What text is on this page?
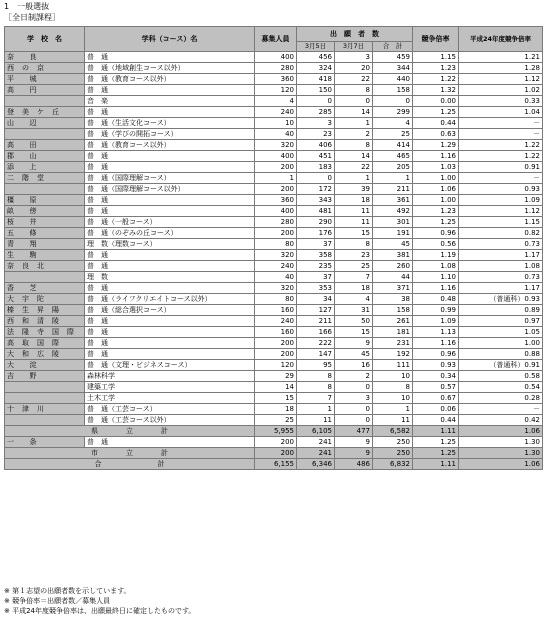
1　一般選抜
［全日制課程］
学　校　名	学科（コース）名	募集人員	出　願　者　数			競争倍率	平成24年度競争倍率
			3月5日	3月7日	合　計		
奈　　良	普　通	400	456	3	459	1.15	1.21
西　の　京	普　通（地域創生コース以外）	280	324	20	344	1.23	1.28
平　　城	普　通（教育コース以外）	360	418	22	440	1.22	1.12
高　　円	普　通	120	150	8	158	1.32	1.02
	音　楽	4	0	0	0	0.00	0.33
登　美　ケ　丘	普　通	240	285	14	299	1.25	1.04
山　　辺	普　通（生活文化コース）	10	3	1	4	0.44	－
	普　通（学びの開拓コース）	40	23	2	25	0.63	－
高　　田	普　通（教育コース以外）	320	406	8	414	1.29	1.22
郡　　山	普　通	400	451	14	465	1.16	1.22
添　　上	普　通	200	183	22	205	1.03	0.91
二　階　堂	普　通（国際理解コース）	1	0	1	1	1.00	－
	普　通（国際理解コース以外）	200	172	39	211	1.06	0.93
橿　　原	普　通	360	343	18	361	1.00	1.09
畝　　傍	普　通	400	481	11	492	1.23	1.12
桜　　井	普　通（一般コース）	280	290	11	301	1.25	1.15
五　　條	普　通（のぞみの丘コース）	200	176	15	191	0.96	0.82
青　　翔	理　数（理数コース）	80	37	8	45	0.56	0.73
生　　駒	普　通	320	358	23	381	1.19	1.17
奈　良　北	普　通	240	235	25	260	1.08	1.08
	理　数	40	37	7	44	1.10	0.73
香　　芝	普　通	320	353	18	371	1.16	1.17
大　宇　陀	普　通（ライフクリエイトコース以外）	80	34	4	38	0.48	（普通科）0.93
榛　生　昇　陽	普　通（総合選択コース）	160	127	31	158	0.99	0.89
西　和　清　陵	普　通	240	211	50	261	1.09	0.97
法　隆　寺　国　際	普　通	160	166	15	181	1.13	1.05
高　取　国　際	普　通	200	222	9	231	1.16	1.00
大　和　広　陵	普　通	200	147	45	192	0.96	0.88
大　　淀	普　通（文理・ビジネスコース）	120	95	16	111	0.93	（普通科）0.91
吉　　野	森林科学	29	8	2	10	0.34	0.58
	建築工学	14	8	0	8	0.57	0.54
	土木工学	15	7	3	10	0.67	0.28
十　津　川	普　通（工芸コース）	18	1	0	1	0.06	－
	普　通（工芸コース以外）	25	11	0	11	0.44	0.42
県　　　　立　　　　計		5,955	6,105	477	6,582	1.11	1.06
一　　条	普　通	200	241	9	250	1.25	1.30
市　　　　立　　　　計		200	241	9	250	1.25	1.30
合　　　　　　　　計		6,155	6,346	486	6,832	1.11	1.06
※ 第１志望の出願者数を示しています。
※ 競争倍率＝出願者数／募集人員
※ 平成24年度競争倍率は、出願最終日に確定したものです。
